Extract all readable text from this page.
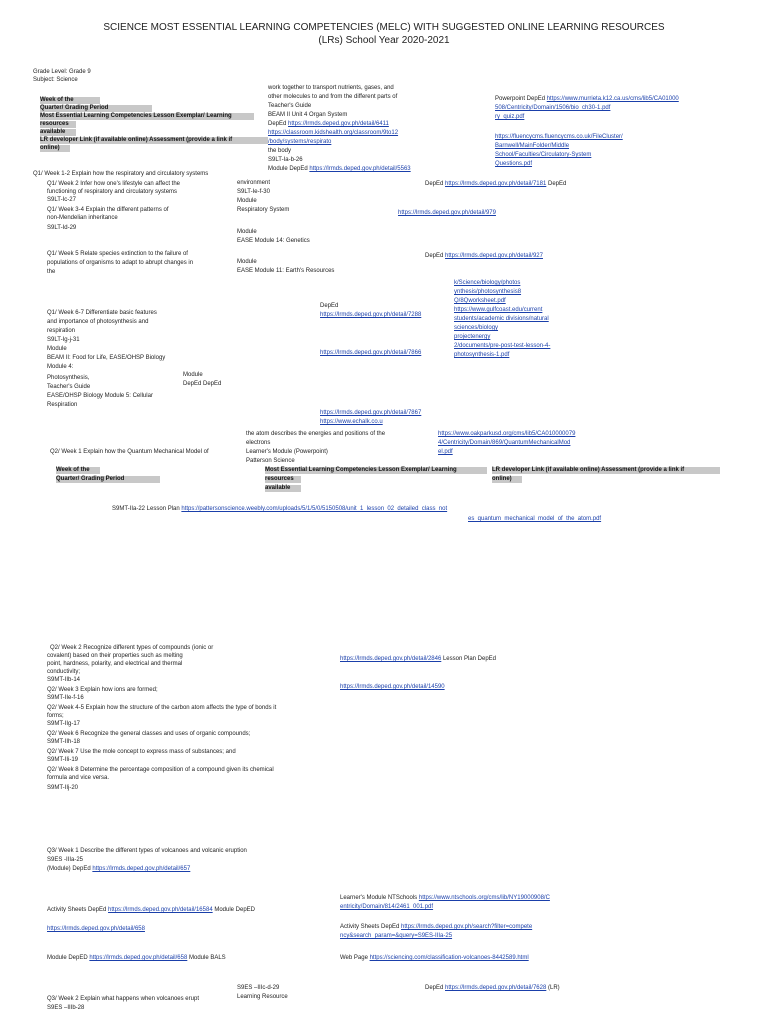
SCIENCE MOST ESSENTIAL LEARNING COMPETENCIES (MELC) WITH SUGGESTED ONLINE LEARNING RESOURCES
(LRs) School Year 2020-2021
Grade Level: Grade 9
Subject: Science
Week of the
Quarter/ Grading Period
Most Essential Learning Competencies Lesson Exemplar/ Learning
resources
available
LR developer Link (if available online) Assessment (provide a link if
online)
work together to transport nutrients, gases, and
other molecules to and from the different parts of
Teacher's Guide
BEAM II Unit 4 Organ System
DepEd https://lrmds.deped.gov.ph/detail/6411
https://classroom.kidshealth.org/classroom/9to12
/body/systems/respirato
the body
S9LT-Ia-b-26
Module DepEd https://lrmds.deped.gov.ph/detail/5563
Powerpoint DepEd https://www.murrieta.k12.ca.us/cms/lib5/CA01000
508/Centricity/Domain/1506/bio_ch30-1.pdf
ry_quiz.pdf
https://fluencycms.fluencycms.co.uk/FileCluster/
Barnwell/MainFolder/Middle
School/Faculties/Circulatory-System
Questions.pdf
Q1/ Week 1-2 Explain how the respiratory and circulatory systems
environment
S9LT-Ie-f-30
Module
Respiratory System
DepEd https://lrmds.deped.gov.ph/detail/7181 DepEd
https://lrmds.deped.gov.ph/detail/979
Q1/ Week 2 Infer how one's lifestyle can affect the
functioning of respiratory and circulatory systems
S9LT-Ic-27
Q1/ Week 3-4 Explain the different patterns of
non-Mendelian inheritance
S9LT-Id-29
Module
EASE Module 14: Genetics
Q1/ Week 5 Relate species extinction to the failure of
populations of organisms to adapt to abrupt changes in
the
Module
EASE Module 11: Earth's Resources
DepEd https://lrmds.deped.gov.ph/detail/927
k/Science/biology/photos
ynthesis/photosynthesis8
Q/8Qworksheet.pdf
https://www.gulfcoast.edu/current
students/academic divisions/natural
sciences/biology
projectenergy
2/documents/pre-post-test-lesson-4-
photosynthesis-1.pdf
DepEd
https://lrmds.deped.gov.ph/detail/7288
https://lrmds.deped.gov.ph/detail/7866
Q1/ Week 6-7 Differentiate basic features
and importance of photosynthesis and
respiration
S9LT-Ig-j-31
Module
BEAM II: Food for Life, EASE/OHSP Biology
Module 4:
Photosynthesis,
Teacher's Guide
EASE/OHSP Biology Module 5: Cellular
Respiration
Module
DepEd DepEd
https://lrmds.deped.gov.ph/detail/7867
https://www.echalk.co.u
the atom describes the energies and positions of the
electrons
Learner's Module (Powerpoint)
Patterson Science
Q2/ Week 1 Explain how the Quantum Mechanical Model of
https://www.oakparkusd.org/cms/lib5/CA010000079
4/Centricity/Domain/869/QuantumMechanicalMod
el.pdf
Week of the
Quarter/ Grading Period
Most Essential Learning Competencies Lesson Exemplar/ Learning
resources
available
LR developer Link (if available online) Assessment (provide a link if
online)
S9MT-IIa-22 Lesson Plan https://pattersonscience.weebly.com/uploads/5/1/5/0/5150508/unit_1_lesson_02_detailed_class_not
es_quantum_mechanical_model_of_the_atom.pdf
Q2/ Week 2 Recognize different types of compounds (ionic or
covalent) based on their properties such as melting
point, hardness, polarity, and electrical and thermal
conductivity;
S9MT-IIb-14
Q2/ Week 3 Explain how ions are formed;
S9MT-IIe-f-16
Q2/ Week 4-5 Explain how the structure of the carbon atom affects the type of bonds it
forms;
S9MT-IIg-17
Q2/ Week 6 Recognize the general classes and uses of organic compounds;
S9MT-IIh-18
Q2/ Week 7 Use the mole concept to express mass of substances; and
S9MT-IIi-19
Q2/ Week 8 Determine the percentage composition of a compound given its chemical
formula and vice versa.
S9MT-IIj-20
https://lrmds.deped.gov.ph/detail/2846 Lesson Plan DepEd
https://lrmds.deped.gov.ph/detail/14590
Q3/ Week 1 Describe the different types of volcanoes and volcanic eruption
S9ES -IIIa-25
(Module) DepEd https://lrmds.deped.gov.ph/detail/657
Learner's Module NTSchools https://www.ntschools.org/cms/lib/NY19000908/C
entricity/Domain/814/2461_001.pdf
Activity Sheets DepEd https://lrmds.deped.gov.ph/detail/16584 Module DepED
Activity Sheets DepEd https://lrmds.deped.gov.ph/search?filter=compete
ncy&search_param=&query=S9ES-IIIa-25
https://lrmds.deped.gov.ph/detail/658
Module DepED https://lrmds.deped.gov.ph/detail/658 Module BALS	Web Page https://sciencing.com/classification-volcanoes-8442589.html
S9ES –IIIc-d-29
Learning Resource
DepEd https://lrmds.deped.gov.ph/detail/7628 (LR)
Q3/ Week 2 Explain what happens when volcanoes erupt
S9ES –IIIb-28
